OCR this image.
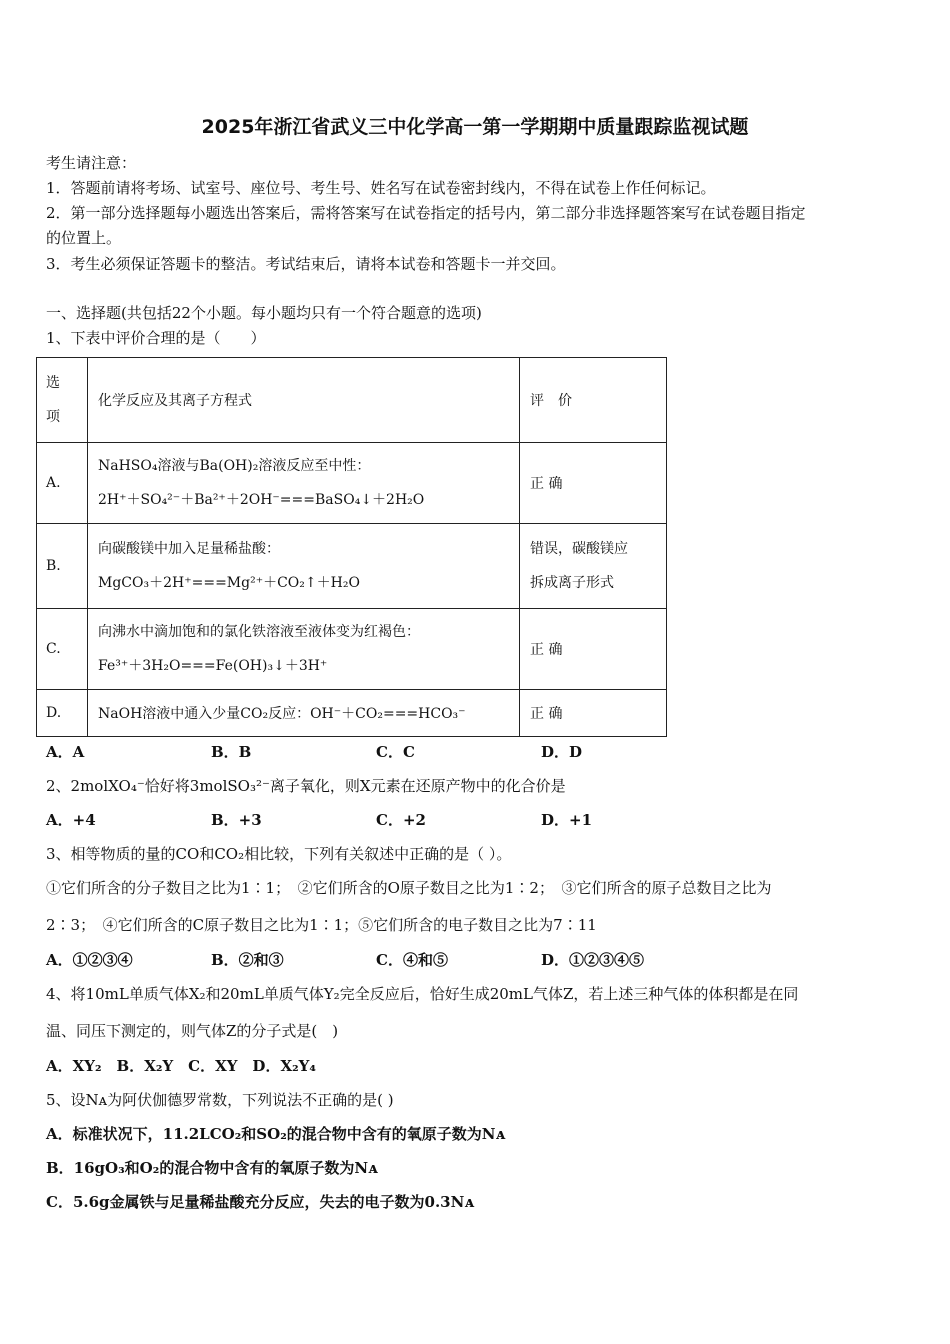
2025年浙江省武义三中化学高一第一学期期中质量跟踪监视试题
考生请注意：
1．答题前请将考场、试室号、座位号、考生号、姓名写在试卷密封线内，不得在试卷上作任何标记。
2．第一部分选择题每小题选出答案后，需将答案写在试卷指定的括号内，第二部分非选择题答案写在试卷题目指定
的位置上。
3．考生必须保证答题卡的整洁。考试结束后，请将本试卷和答题卡一并交回。
一、选择题(共包括22个小题。每小题均只有一个符合题意的选项)
1、下表中评价合理的是（　　）
选
项	化学反应及其离子方程式	评　价
A.	NaHSO₄溶液与Ba(OH)₂溶液反应至中性：
2H⁺＋SO₄²⁻＋Ba²⁺＋2OH⁻===BaSO₄↓＋2H₂O	正 确
B.	向碳酸镁中加入足量稀盐酸：
MgCO₃＋2H⁺===Mg²⁺＋CO₂↑＋H₂O	错误，碳酸镁应
拆成离子形式

C.	向沸水中滴加饱和的氯化铁溶液至液体变为红褐色：
Fe³⁺＋3H₂O===Fe(OH)₃↓＋3H⁺	正 确
D.	NaOH溶液中通入少量CO₂反应：OH⁻＋CO₂===HCO₃⁻	正 确
A．A	B．B	C．C	D．D
2、2molXO₄⁻恰好将3molSO₃²⁻离子氧化，则X元素在还原产物中的化合价是
A．+4	B．+3	C．+2	D．+1
3、相等物质的量的CO和CO₂相比较，下列有关叙述中正确的是（ ）。
①它们所含的分子数目之比为1∶1；　②它们所含的O原子数目之比为1∶2；　③它们所含的原子总数目之比为
2∶3；　④它们所含的C原子数目之比为1∶1；⑤它们所含的电子数目之比为7∶11
A．①②③④	B．②和③	C．④和⑤	D．①②③④⑤
4、将10mL单质气体X₂和20mL单质气体Y₂完全反应后，恰好生成20mL气体Z，若上述三种气体的体积都是在同
温、同压下测定的，则气体Z的分子式是(　)
A．XY₂　B．X₂Y　C．XY　D．X₂Y₄
5、设Nᴀ为阿伏伽德罗常数，下列说法不正确的是( )
A．标准状况下，11.2LCO₂和SO₂的混合物中含有的氧原子数为Nᴀ
B．16gO₃和O₂的混合物中含有的氧原子数为Nᴀ
C．5.6g金属铁与足量稀盐酸充分反应，失去的电子数为0.3Nᴀ
